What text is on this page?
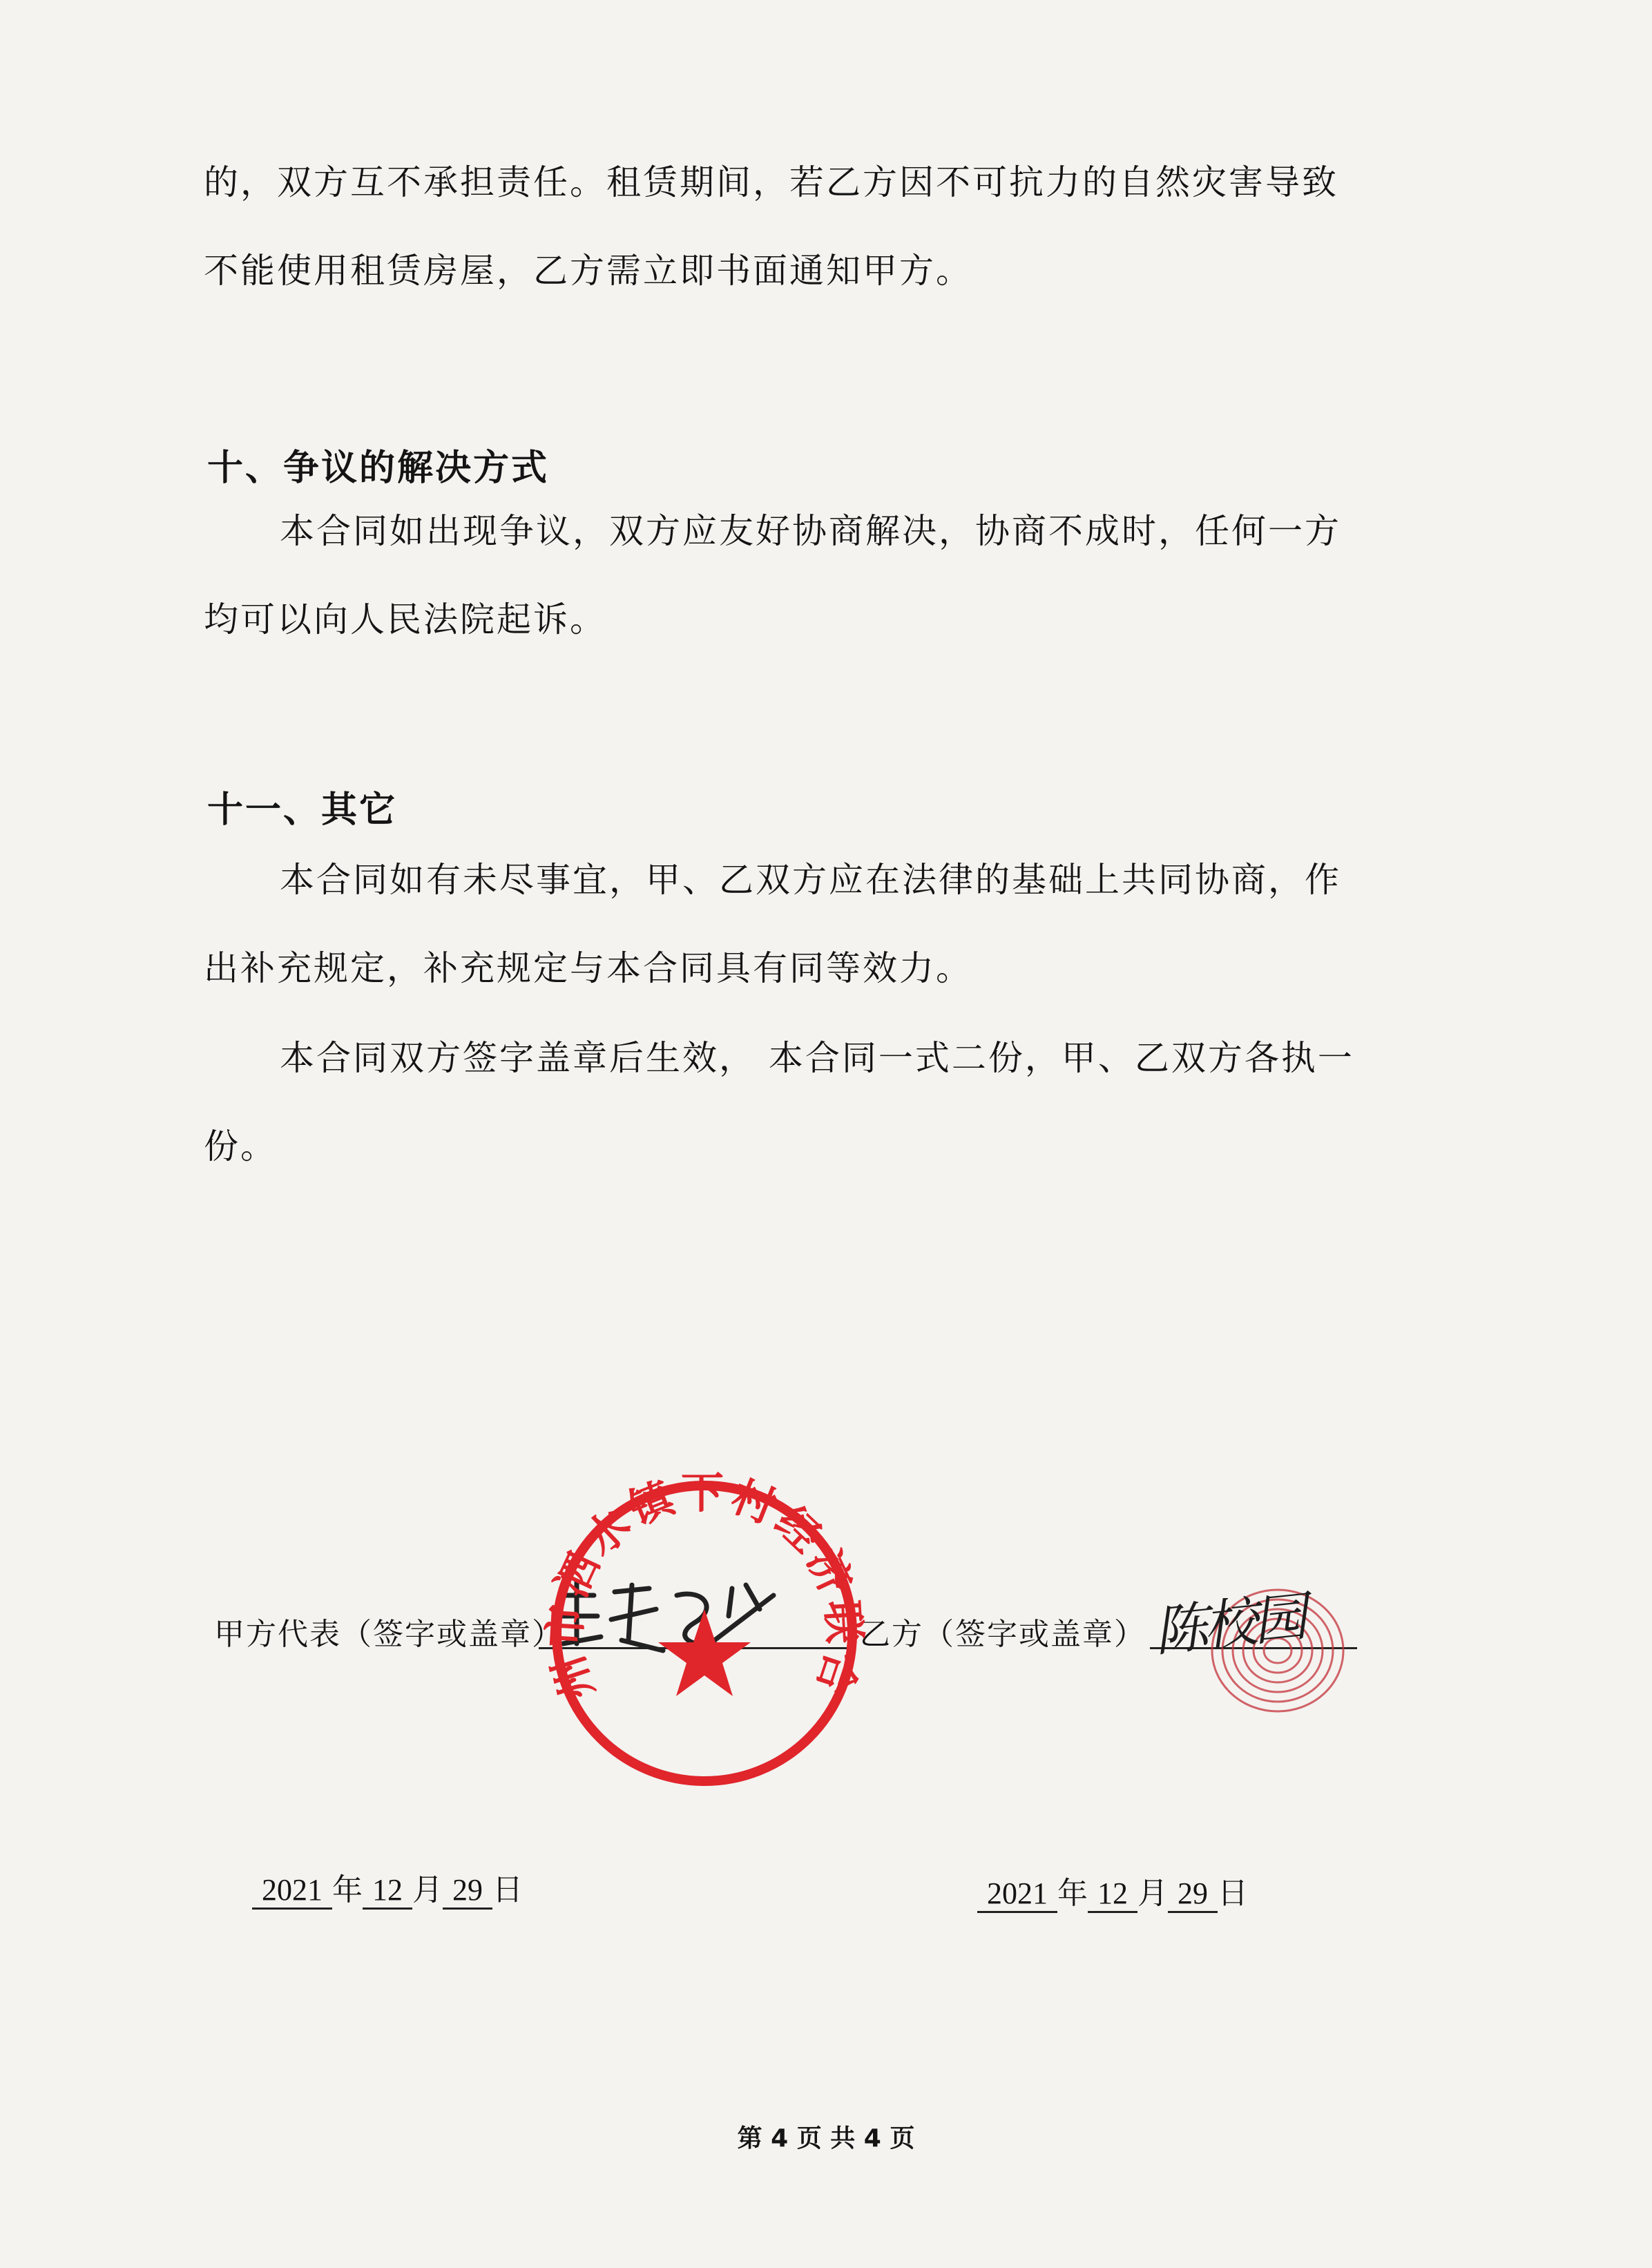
的，双方互不承担责任。租赁期间，若乙方因不可抗力的自然灾害导致不能使用租赁房屋，乙方需立即书面通知甲方。

十、争议的解决方式

本合同如出现争议，双方应友好协商解决，协商不成时，任何一方均可以向人民法院起诉。

十一、其它

本合同如有未尽事宜，甲、乙双方应在法律的基础上共同协商，作出补充规定，补充规定与本合同具有同等效力。

本合同双方签字盖章后生效， 本合同一式二份，甲、乙双方各执一份。

甲方代表（签字或盖章）	乙方（签字或盖章） 陈校园
高州市泗水镇下村经济联合社
2021 年 12 月 29 日	2021 年 12 月 29 日
第 4 页 共 4 页
